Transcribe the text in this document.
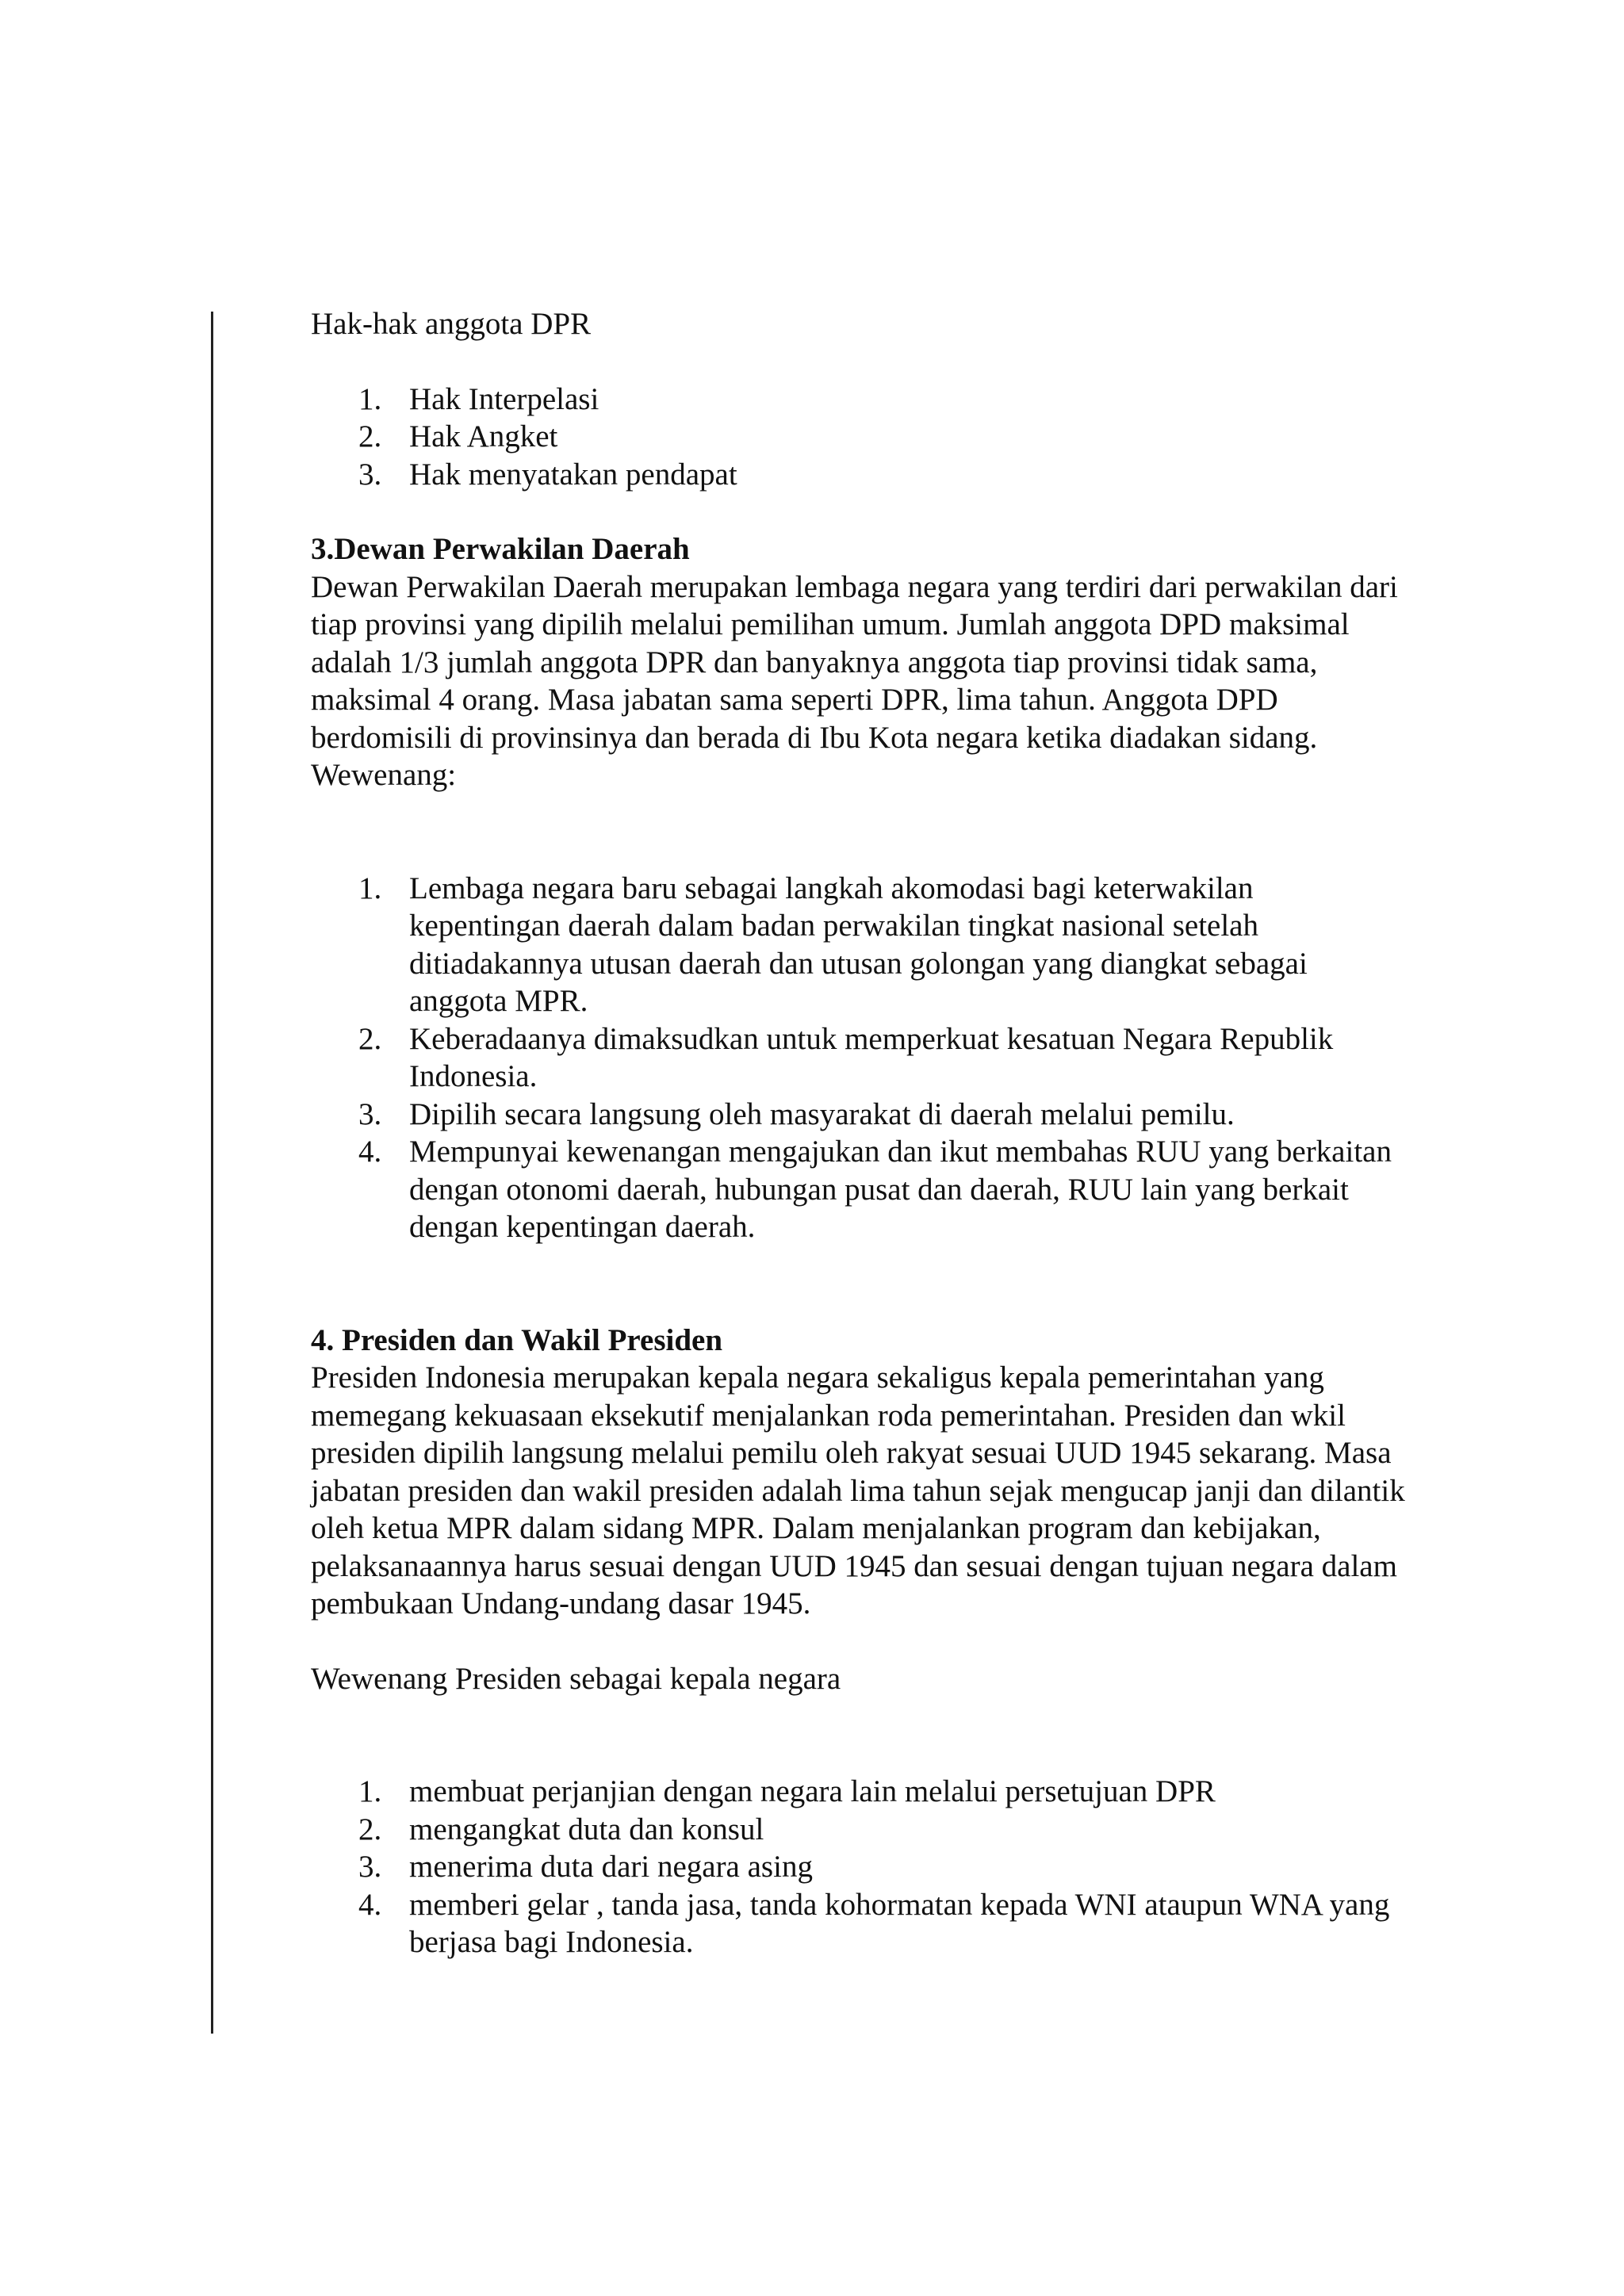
Hak-hak anggota DPR

1. Hak Interpelasi
2. Hak Angket
3. Hak menyatakan pendapat

3.Dewan Perwakilan Daerah

Dewan Perwakilan Daerah merupakan lembaga negara yang terdiri dari perwakilan dari tiap provinsi yang dipilih melalui pemilihan umum. Jumlah anggota DPD maksimal adalah 1/3 jumlah anggota DPR dan banyaknya anggota tiap provinsi tidak sama, maksimal 4 orang. Masa jabatan sama seperti DPR, lima tahun. Anggota DPD berdomisili di provinsinya dan berada di Ibu Kota negara ketika diadakan sidang.

Wewenang:

1. Lembaga negara baru sebagai langkah akomodasi bagi keterwakilan kepentingan daerah dalam badan perwakilan tingkat nasional setelah ditiadakannya utusan daerah dan utusan golongan yang diangkat sebagai anggota MPR.
2. Keberadaanya dimaksudkan untuk memperkuat kesatuan Negara Republik Indonesia.
3. Dipilih secara langsung oleh masyarakat di daerah melalui pemilu.
4. Mempunyai kewenangan mengajukan dan ikut membahas RUU yang berkaitan dengan otonomi daerah, hubungan pusat dan daerah, RUU lain yang berkait dengan kepentingan daerah.

4. Presiden dan Wakil Presiden

Presiden Indonesia merupakan kepala negara sekaligus kepala pemerintahan yang memegang kekuasaan eksekutif menjalankan roda pemerintahan. Presiden dan wkil presiden dipilih langsung melalui pemilu oleh rakyat sesuai UUD 1945 sekarang. Masa jabatan presiden dan wakil presiden adalah lima tahun sejak mengucap janji dan dilantik oleh ketua MPR dalam sidang MPR. Dalam menjalankan program dan kebijakan, pelaksanaannya harus sesuai dengan UUD 1945 dan sesuai dengan tujuan negara dalam pembukaan Undang-undang dasar 1945.

Wewenang Presiden sebagai kepala negara

1. membuat perjanjian dengan negara lain melalui persetujuan DPR
2. mengangkat duta dan konsul
3. menerima duta dari negara asing
4. memberi gelar , tanda jasa, tanda kohormatan kepada WNI ataupun WNA yang berjasa bagi Indonesia.
